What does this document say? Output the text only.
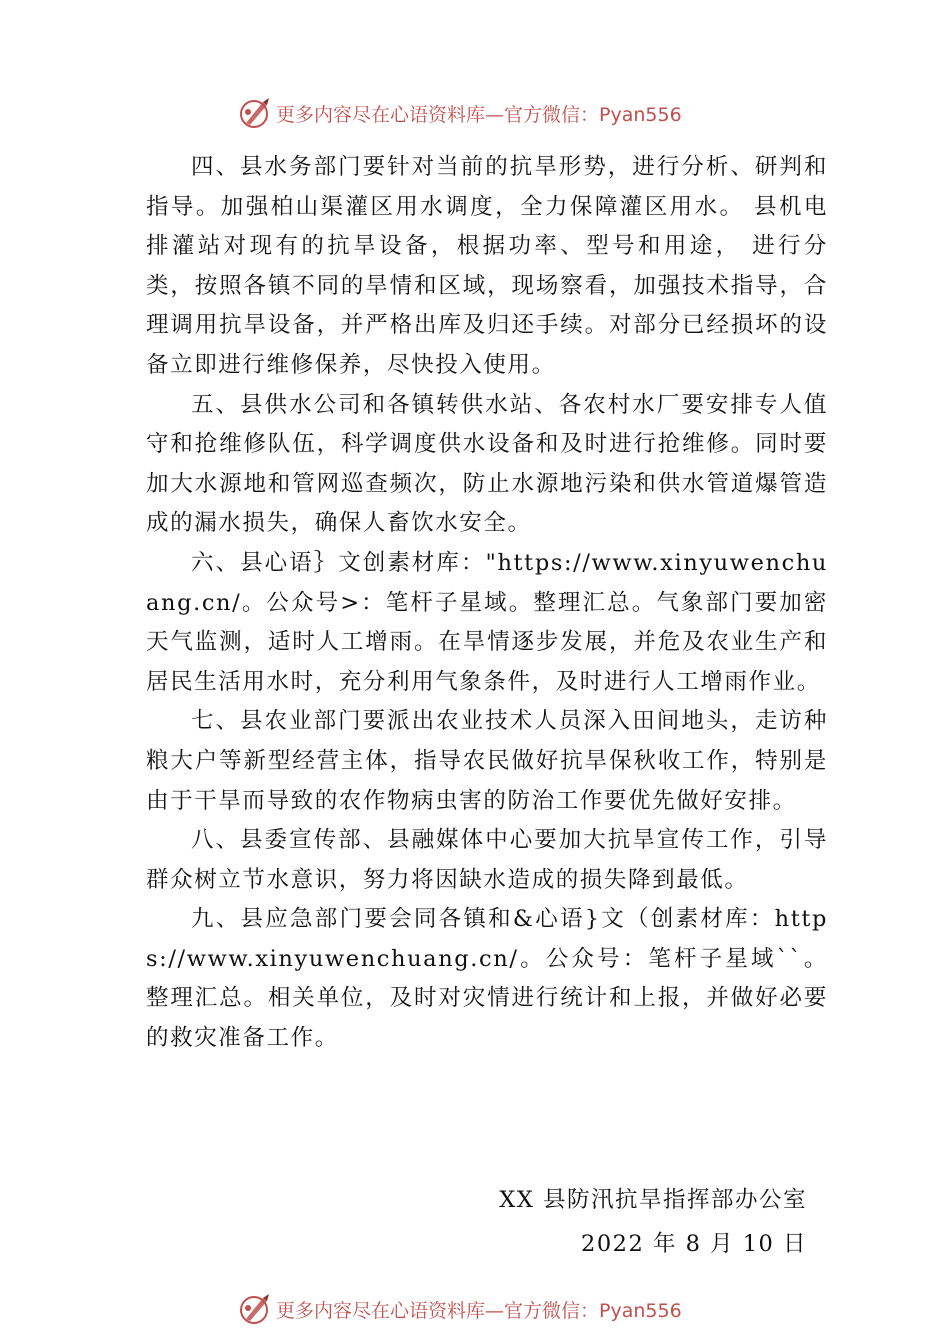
更多内容尽在心语资料库—官方微信：Pyan556

四、县水务部门要针对当前的抗旱形势，进行分析、研判和指导。加强柏山渠灌区用水调度，全力保障灌区用水。 县机电排灌站对现有的抗旱设备，根据功率、型号和用途， 进行分类，按照各镇不同的旱情和区域，现场察看，加强技术指导，合理调用抗旱设备，并严格出库及归还手续。对部分已经损坏的设备立即进行维修保养，尽快投入使用。

五、县供水公司和各镇转供水站、各农村水厂要安排专人值守和抢维修队伍，科学调度供水设备和及时进行抢维修。同时要加大水源地和管网巡查频次，防止水源地污染和供水管道爆管造成的漏水损失，确保人畜饮水安全。

六、县心语｝文创素材库："https://www.xinyuwenchuang.cn/。公众号>：笔杆子星域。整理汇总。气象部门要加密天气监测，适时人工增雨。在旱情逐步发展，并危及农业生产和居民生活用水时，充分利用气象条件，及时进行人工增雨作业。

七、县农业部门要派出农业技术人员深入田间地头，走访种粮大户等新型经营主体，指导农民做好抗旱保秋收工作，特别是由于干旱而导致的农作物病虫害的防治工作要优先做好安排。

八、县委宣传部、县融媒体中心要加大抗旱宣传工作，引导群众树立节水意识，努力将因缺水造成的损失降到最低。

九、县应急部门要会同各镇和&心语}文（创素材库：https://www.xinyuwenchuang.cn/。公众号：笔杆子星域``。整理汇总。相关单位，及时对灾情进行统计和上报，并做好必要的救灾准备工作。

XX 县防汛抗旱指挥部办公室
2022 年 8 月 10 日
更多内容尽在心语资料库—官方微信：Pyan556
